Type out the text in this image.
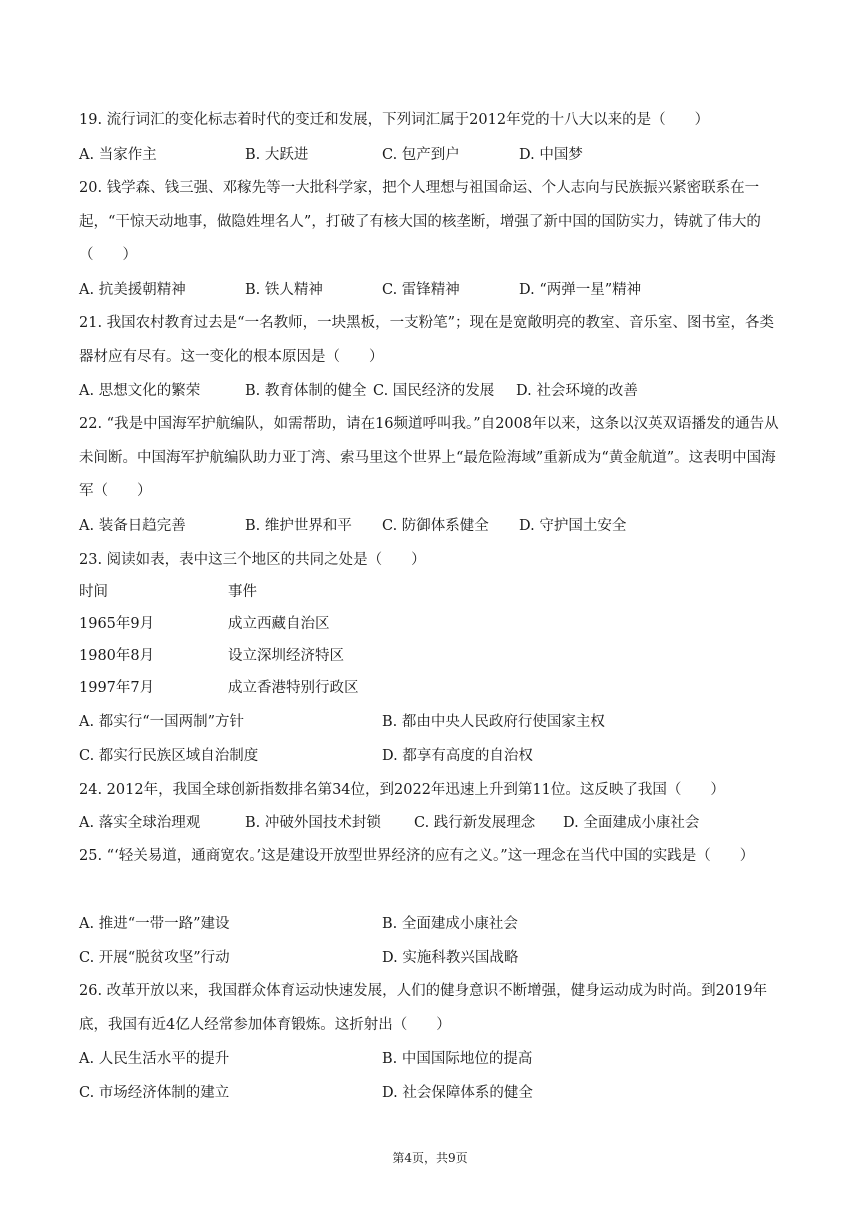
19. 流行词汇的变化标志着时代的变迁和发展，下列词汇属于2012年党的十八大以来的是（　　）
A. 当家作主	B. 大跃进	C. 包产到户	D. 中国梦
20. 钱学森、钱三强、邓稼先等一大批科学家，把个人理想与祖国命运、个人志向与民族振兴紧密联系在一起，“干惊天动地事，做隐姓埋名人”，打破了有核大国的核垄断，增强了新中国的国防实力，铸就了伟大的（　　）
A. 抗美援朝精神	B. 铁人精神	C. 雷锋精神	D. “两弹一星”精神
21. 我国农村教育过去是“一名教师，一块黑板，一支粉笔”；现在是宽敞明亮的教室、音乐室、图书室，各类器材应有尽有。这一变化的根本原因是（　　）
A. 思想文化的繁荣	B. 教育体制的健全 C. 国民经济的发展 D. 社会环境的改善
22. “我是中国海军护航编队，如需帮助，请在16频道呼叫我。”自2008年以来，这条以汉英双语播发的通告从未间断。中国海军护航编队助力亚丁湾、索马里这个世界上“最危险海域”重新成为“黄金航道”。这表明中国海军（　　）
A. 装备日趋完善	B. 维护世界和平 C. 防御体系健全 D. 守护国土安全
23. 阅读如表，表中这三个地区的共同之处是（　　）
时间	事件
1965年9月	成立西藏自治区
1980年8月	设立深圳经济特区
1997年7月	成立香港特别行政区
A. 都实行“一国两制”方针	B. 都由中央人民政府行使国家主权
C. 都实行民族区域自治制度	D. 都享有高度的自治权
24. 2012年，我国全球创新指数排名第34位，到2022年迅速上升到第11位。这反映了我国（　　）
A. 落实全球治理观	B. 冲破外国技术封锁 C. 践行新发展理念 D. 全面建成小康社会
25. “‘轻关易道，通商宽农。’这是建设开放型世界经济的应有之义。”这一理念在当代中国的实践是（　　）
A. 推进“一带一路”建设	B. 全面建成小康社会
C. 开展“脱贫攻坚”行动	D. 实施科教兴国战略
26. 改革开放以来，我国群众体育运动快速发展，人们的健身意识不断增强，健身运动成为时尚。到2019年底，我国有近4亿人经常参加体育锻炼。这折射出（　　）
A. 人民生活水平的提升	B. 中国国际地位的提高
C. 市场经济体制的建立	D. 社会保障体系的健全
第4页，共9页
